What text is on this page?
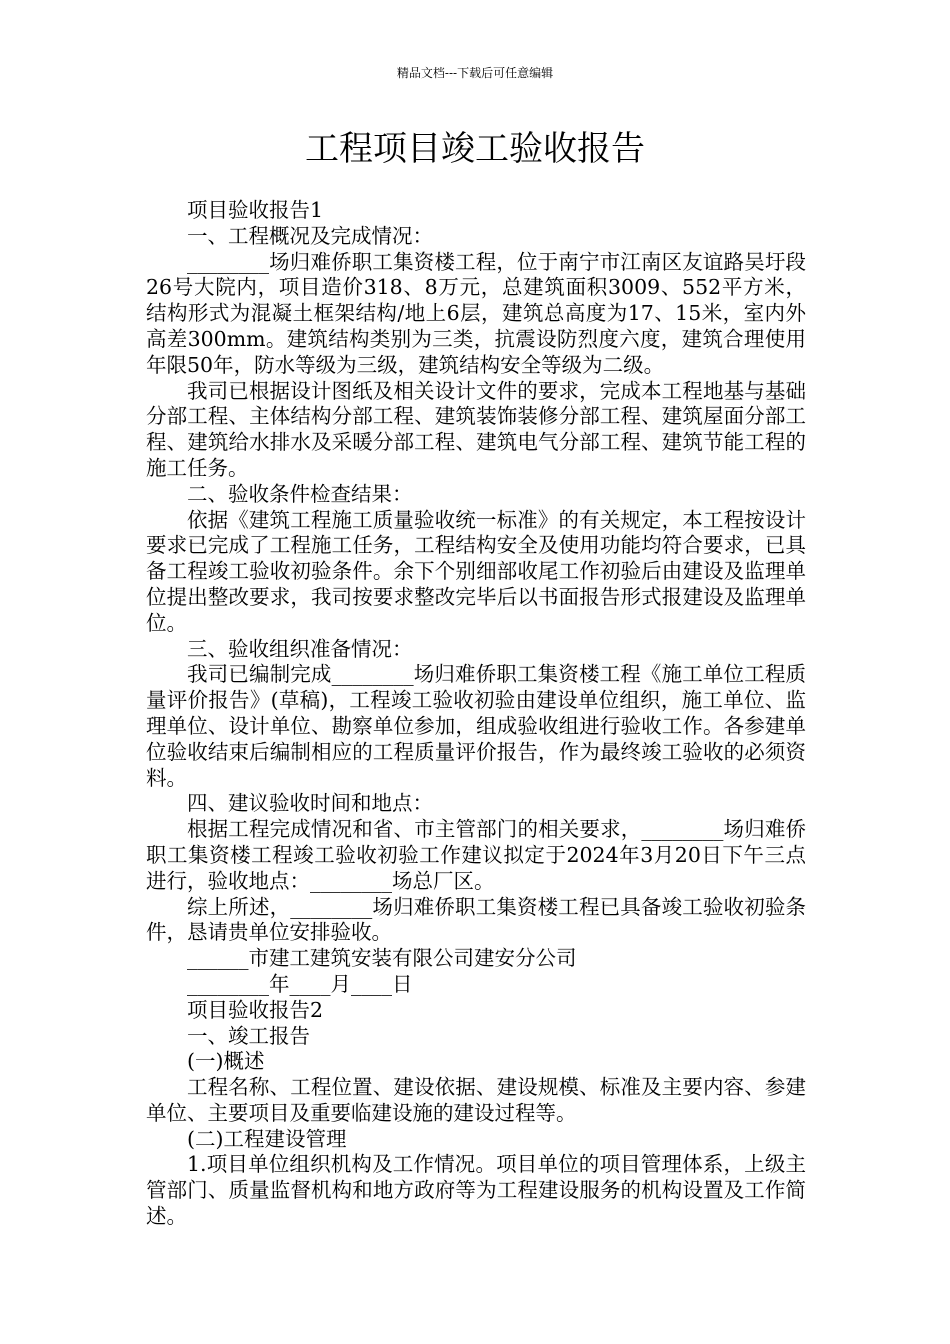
精品文档---下载后可任意编辑
工程项目竣工验收报告

项目验收报告1

一、工程概况及完成情况：

________场归难侨职工集资楼工程，位于南宁市江南区友谊路吴圩段26号大院内，项目造价318、8万元，总建筑面积3009、552平方米，结构形式为混凝土框架结构/地上6层，建筑总高度为17、15米，室内外高差300mm。建筑结构类别为三类，抗震设防烈度六度，建筑合理使用年限50年，防水等级为三级，建筑结构安全等级为二级。

我司已根据设计图纸及相关设计文件的要求，完成本工程地基与基础分部工程、主体结构分部工程、建筑装饰装修分部工程、建筑屋面分部工程、建筑给水排水及采暖分部工程、建筑电气分部工程、建筑节能工程的施工任务。

二、验收条件检查结果：

依据《建筑工程施工质量验收统一标准》的有关规定，本工程按设计要求已完成了工程施工任务，工程结构安全及使用功能均符合要求，已具备工程竣工验收初验条件。余下个别细部收尾工作初验后由建设及监理单位提出整改要求，我司按要求整改完毕后以书面报告形式报建设及监理单位。

三、验收组织准备情况：

我司已编制完成________场归难侨职工集资楼工程《施工单位工程质量评价报告》(草稿)，工程竣工验收初验由建设单位组织，施工单位、监理单位、设计单位、勘察单位参加，组成验收组进行验收工作。各参建单位验收结束后编制相应的工程质量评价报告，作为最终竣工验收的必须资料。

四、建议验收时间和地点：

根据工程完成情况和省、市主管部门的相关要求，________场归难侨职工集资楼工程竣工验收初验工作建议拟定于2024年3月20日下午三点进行，验收地点：________场总厂区。

综上所述，________场归难侨职工集资楼工程已具备竣工验收初验条件，恳请贵单位安排验收。

______市建工建筑安装有限公司建安分公司

________年____月____日

项目验收报告2

一、竣工报告

(一)概述

工程名称、工程位置、建设依据、建设规模、标准及主要内容、参建单位、主要项目及重要临建设施的建设过程等。

(二)工程建设管理

1.项目单位组织机构及工作情况。项目单位的项目管理体系，上级主管部门、质量监督机构和地方政府等为工程建设服务的机构设置及工作简述。
